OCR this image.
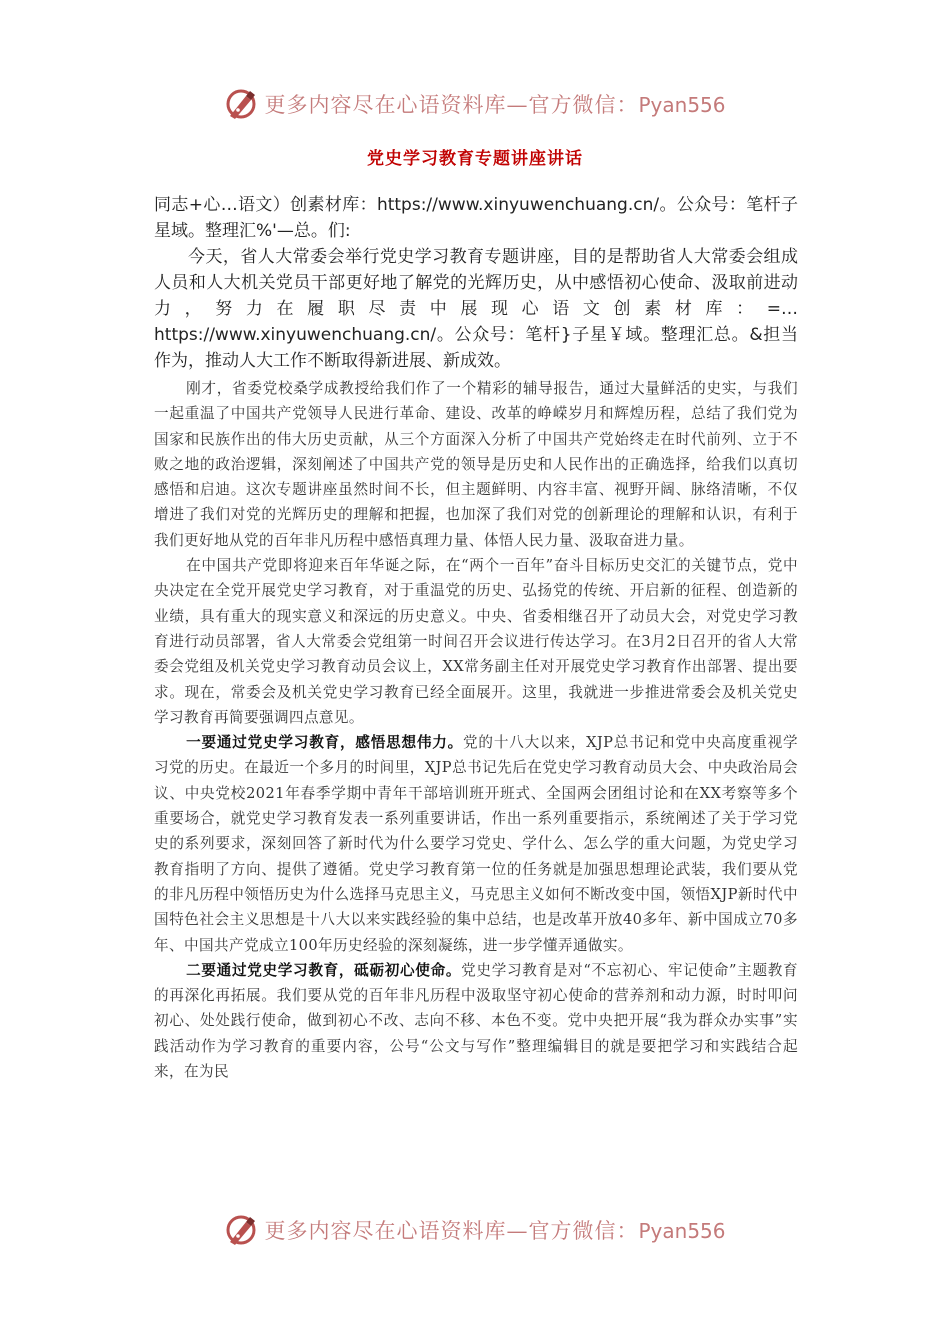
更多内容尽在心语资料库—官方微信：Pyan556
党史学习教育专题讲座讲话

同志+心…语文）创素材库：https://www.xinyuwenchuang.cn/。公众号：笔杆子星域。整理汇%'—总。们:

今天，省人大常委会举行党史学习教育专题讲座，目的是帮助省人大常委会组成人员和人大机关党员干部更好地了解党的光辉历史，从中感悟初心使命、汲取前进动力，努力在履职尽责中展现心语文创素材库：=…https://www.xinyuwenchuang.cn/。公众号：笔杆}子星￥域。整理汇总。&担当作为，推动人大工作不断取得新进展、新成效。

刚才，省委党校桑学成教授给我们作了一个精彩的辅导报告，通过大量鲜活的史实，与我们一起重温了中国共产党领导人民进行革命、建设、改革的峥嵘岁月和辉煌历程，总结了我们党为国家和民族作出的伟大历史贡献，从三个方面深入分析了中国共产党始终走在时代前列、立于不败之地的政治逻辑，深刻阐述了中国共产党的领导是历史和人民作出的正确选择，给我们以真切感悟和启迪。这次专题讲座虽然时间不长，但主题鲜明、内容丰富、视野开阔、脉络清晰，不仅增进了我们对党的光辉历史的理解和把握，也加深了我们对党的创新理论的理解和认识，有利于我们更好地从党的百年非凡历程中感悟真理力量、体悟人民力量、汲取奋进力量。

在中国共产党即将迎来百年华诞之际，在“两个一百年”奋斗目标历史交汇的关键节点，党中央决定在全党开展党史学习教育，对于重温党的历史、弘扬党的传统、开启新的征程、创造新的业绩，具有重大的现实意义和深远的历史意义。中央、省委相继召开了动员大会，对党史学习教育进行动员部署，省人大常委会党组第一时间召开会议进行传达学习。在3月2日召开的省人大常委会党组及机关党史学习教育动员会议上，XX常务副主任对开展党史学习教育作出部署、提出要求。现在，常委会及机关党史学习教育已经全面展开。这里，我就进一步推进常委会及机关党史学习教育再简要强调四点意见。

一要通过党史学习教育，感悟思想伟力。党的十八大以来，XJP总书记和党中央高度重视学习党的历史。在最近一个多月的时间里，XJP总书记先后在党史学习教育动员大会、中央政治局会议、中央党校2021年春季学期中青年干部培训班开班式、全国两会团组讨论和在XX考察等多个重要场合，就党史学习教育发表一系列重要讲话，作出一系列重要指示，系统阐述了关于学习党史的系列要求，深刻回答了新时代为什么要学习党史、学什么、怎么学的重大问题，为党史学习教育指明了方向、提供了遵循。党史学习教育第一位的任务就是加强思想理论武装，我们要从党的非凡历程中领悟历史为什么选择马克思主义，马克思主义如何不断改变中国，领悟XJP新时代中国特色社会主义思想是十八大以来实践经验的集中总结，也是改革开放40多年、新中国成立70多年、中国共产党成立100年历史经验的深刻凝练，进一步学懂弄通做实。

二要通过党史学习教育，砥砺初心使命。党史学习教育是对“不忘初心、牢记使命”主题教育的再深化再拓展。我们要从党的百年非凡历程中汲取坚守初心使命的营养剂和动力源，时时叩问初心、处处践行使命，做到初心不改、志向不移、本色不变。党中央把开展“我为群众办实事”实践活动作为学习教育的重要内容，公号“公文与写作”整理编辑目的就是要把学习和实践结合起来，在为民

更多内容尽在心语资料库—官方微信：Pyan556
